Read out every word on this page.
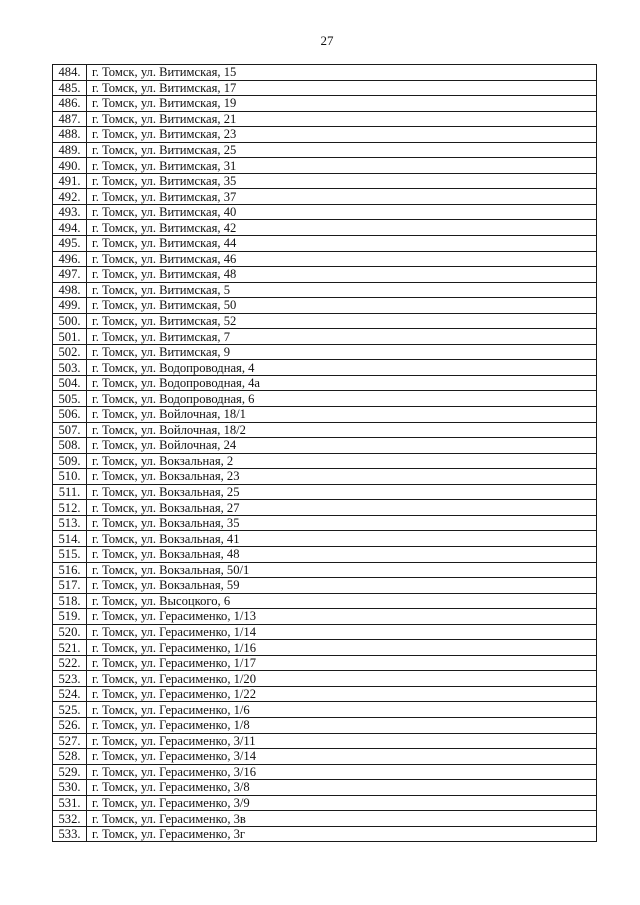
27
484.	г. Томск, ул. Витимская, 15
485.	г. Томск, ул. Витимская, 17
486.	г. Томск, ул. Витимская, 19
487.	г. Томск, ул. Витимская, 21
488.	г. Томск, ул. Витимская, 23
489.	г. Томск, ул. Витимская, 25
490.	г. Томск, ул. Витимская, 31
491.	г. Томск, ул. Витимская, 35
492.	г. Томск, ул. Витимская, 37
493.	г. Томск, ул. Витимская, 40
494.	г. Томск, ул. Витимская, 42
495.	г. Томск, ул. Витимская, 44
496.	г. Томск, ул. Витимская, 46
497.	г. Томск, ул. Витимская, 48
498.	г. Томск, ул. Витимская, 5
499.	г. Томск, ул. Витимская, 50
500.	г. Томск, ул. Витимская, 52
501.	г. Томск, ул. Витимская, 7
502.	г. Томск, ул. Витимская, 9
503.	г. Томск, ул. Водопроводная, 4
504.	г. Томск, ул. Водопроводная, 4а
505.	г. Томск, ул. Водопроводная, 6
506.	г. Томск, ул. Войлочная, 18/1
507.	г. Томск, ул. Войлочная, 18/2
508.	г. Томск, ул. Войлочная, 24
509.	г. Томск, ул. Вокзальная, 2
510.	г. Томск, ул. Вокзальная, 23
511.	г. Томск, ул. Вокзальная, 25
512.	г. Томск, ул. Вокзальная, 27
513.	г. Томск, ул. Вокзальная, 35
514.	г. Томск, ул. Вокзальная, 41
515.	г. Томск, ул. Вокзальная, 48
516.	г. Томск, ул. Вокзальная, 50/1
517.	г. Томск, ул. Вокзальная, 59
518.	г. Томск, ул. Высоцкого, 6
519.	г. Томск, ул. Герасименко, 1/13
520.	г. Томск, ул. Герасименко, 1/14
521.	г. Томск, ул. Герасименко, 1/16
522.	г. Томск, ул. Герасименко, 1/17
523.	г. Томск, ул. Герасименко, 1/20
524.	г. Томск, ул. Герасименко, 1/22
525.	г. Томск, ул. Герасименко, 1/6
526.	г. Томск, ул. Герасименко, 1/8
527.	г. Томск, ул. Герасименко, 3/11
528.	г. Томск, ул. Герасименко, 3/14
529.	г. Томск, ул. Герасименко, 3/16
530.	г. Томск, ул. Герасименко, 3/8
531.	г. Томск, ул. Герасименко, 3/9
532.	г. Томск, ул. Герасименко, 3в
533.	г. Томск, ул. Герасименко, 3г
